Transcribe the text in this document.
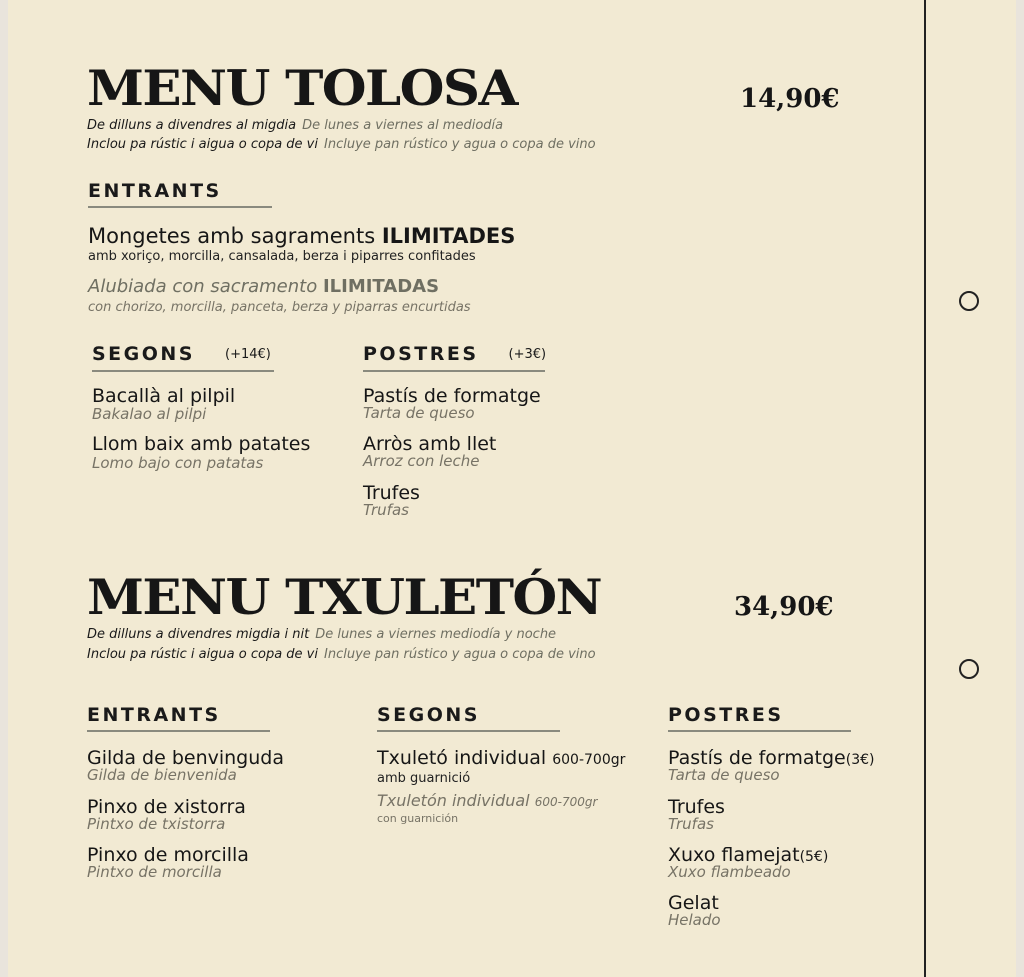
MENU TOLOSA	14,90€
De dilluns a divendres al migdia De lunes a viernes al mediodía
Inclou pa rústic i aigua o copa de vi Incluye pan rústico y agua o copa de vino
ENTRANTS
Mongetes amb sagraments ILIMITADES
amb xoriço, morcilla, cansalada, berza i piparres confitades
Alubiada con sacramento ILIMITADAS
con chorizo, morcilla, panceta, berza y piparras encurtidas
SEGONS (+14€)
Bacallà al pilpil
Bakalao al pilpi
Llom baix amb patates
Lomo bajo con patatas
POSTRES (+3€)
Pastís de formatge
Tarta de queso
Arròs amb llet
Arroz con leche
Trufes
Trufas
MENU TXULETÓN	34,90€
De dilluns a divendres migdia i nit De lunes a viernes mediodía y noche
Inclou pa rústic i aigua o copa de vi Incluye pan rústico y agua o copa de vino
ENTRANTS
Gilda de benvinguda
Gilda de bienvenida
Pinxo de xistorra
Pintxo de txistorra
Pinxo de morcilla
Pintxo de morcilla
SEGONS
Txuletó individual 600-700gr
amb guarnició
Txuletón individual 600-700gr
con guarnición
POSTRES
Pastís de formatge(3€)
Tarta de queso
Trufes
Trufas
Xuxo flamejat(5€)
Xuxo flambeado
Gelat
Helado
